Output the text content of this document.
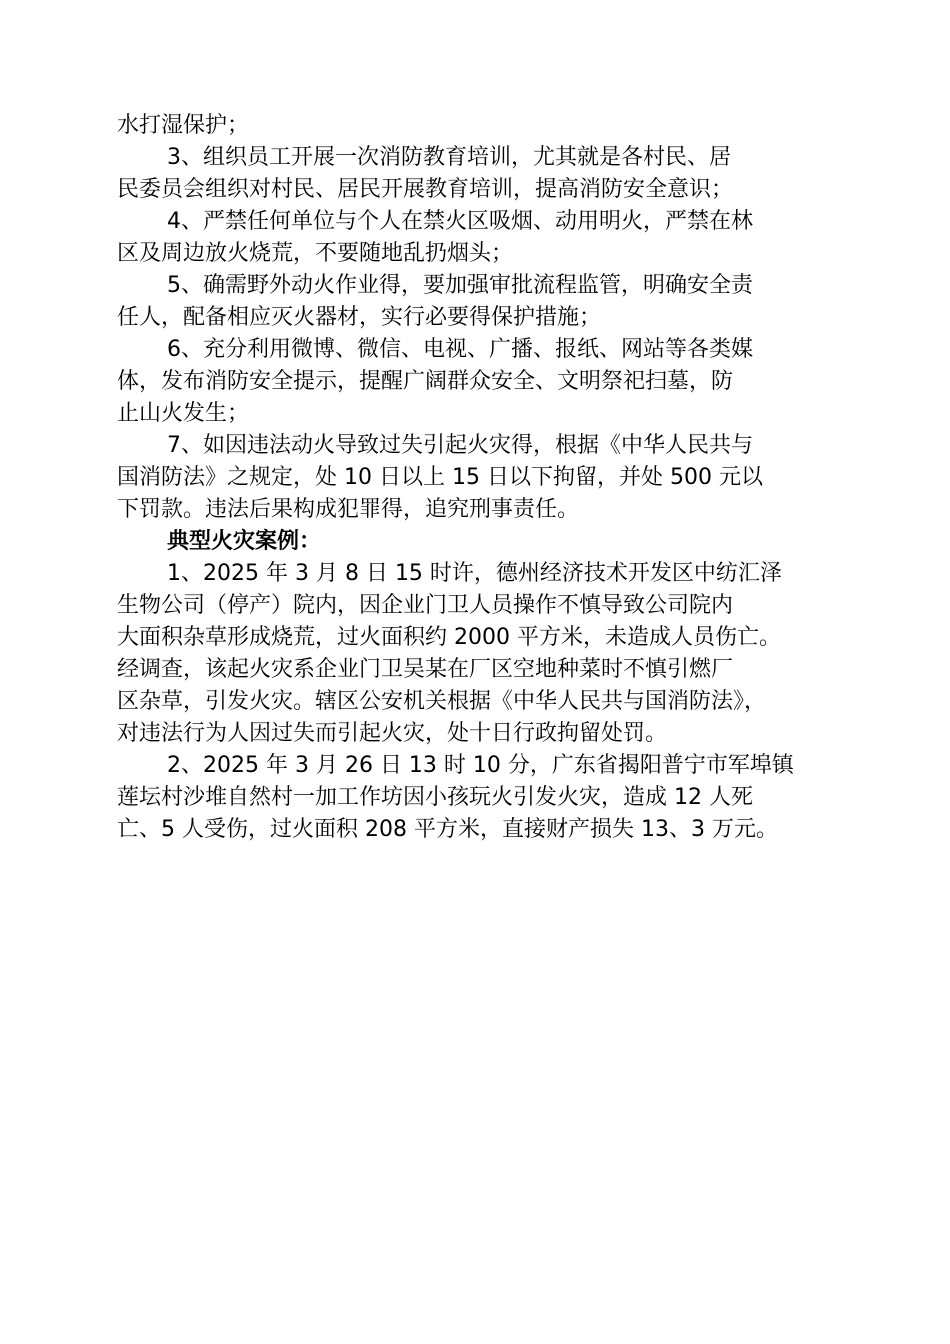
水打湿保护；
3、组织员工开展一次消防教育培训，尤其就是各村民、居
民委员会组织对村民、居民开展教育培训，提高消防安全意识；
4、严禁任何单位与个人在禁火区吸烟、动用明火，严禁在林
区及周边放火烧荒，不要随地乱扔烟头；
5、确需野外动火作业得，要加强审批流程监管，明确安全责
任人，配备相应灭火器材，实行必要得保护措施；
6、充分利用微博、微信、电视、广播、报纸、网站等各类媒
体，发布消防安全提示，提醒广阔群众安全、文明祭祀扫墓，防
止山火发生；
7、如因违法动火导致过失引起火灾得，根据《中华人民共与
国消防法》之规定，处 10 日以上 15 日以下拘留，并处 500 元以
下罚款。违法后果构成犯罪得，追究刑事责任。
典型火灾案例：
1、2025 年 3 月 8 日 15 时许，德州经济技术开发区中纺汇泽
生物公司（停产）院内，因企业门卫人员操作不慎导致公司院内
大面积杂草形成烧荒，过火面积约 2000 平方米，未造成人员伤亡。
经调查，该起火灾系企业门卫吴某在厂区空地种菜时不慎引燃厂
区杂草，引发火灾。辖区公安机关根据《中华人民共与国消防法》，
对违法行为人因过失而引起火灾，处十日行政拘留处罚。
2、2025 年 3 月 26 日 13 时 10 分，广东省揭阳普宁市军埠镇
莲坛村沙堆自然村一加工作坊因小孩玩火引发火灾，造成 12 人死
亡、5 人受伤，过火面积 208 平方米，直接财产损失 13、3 万元。
